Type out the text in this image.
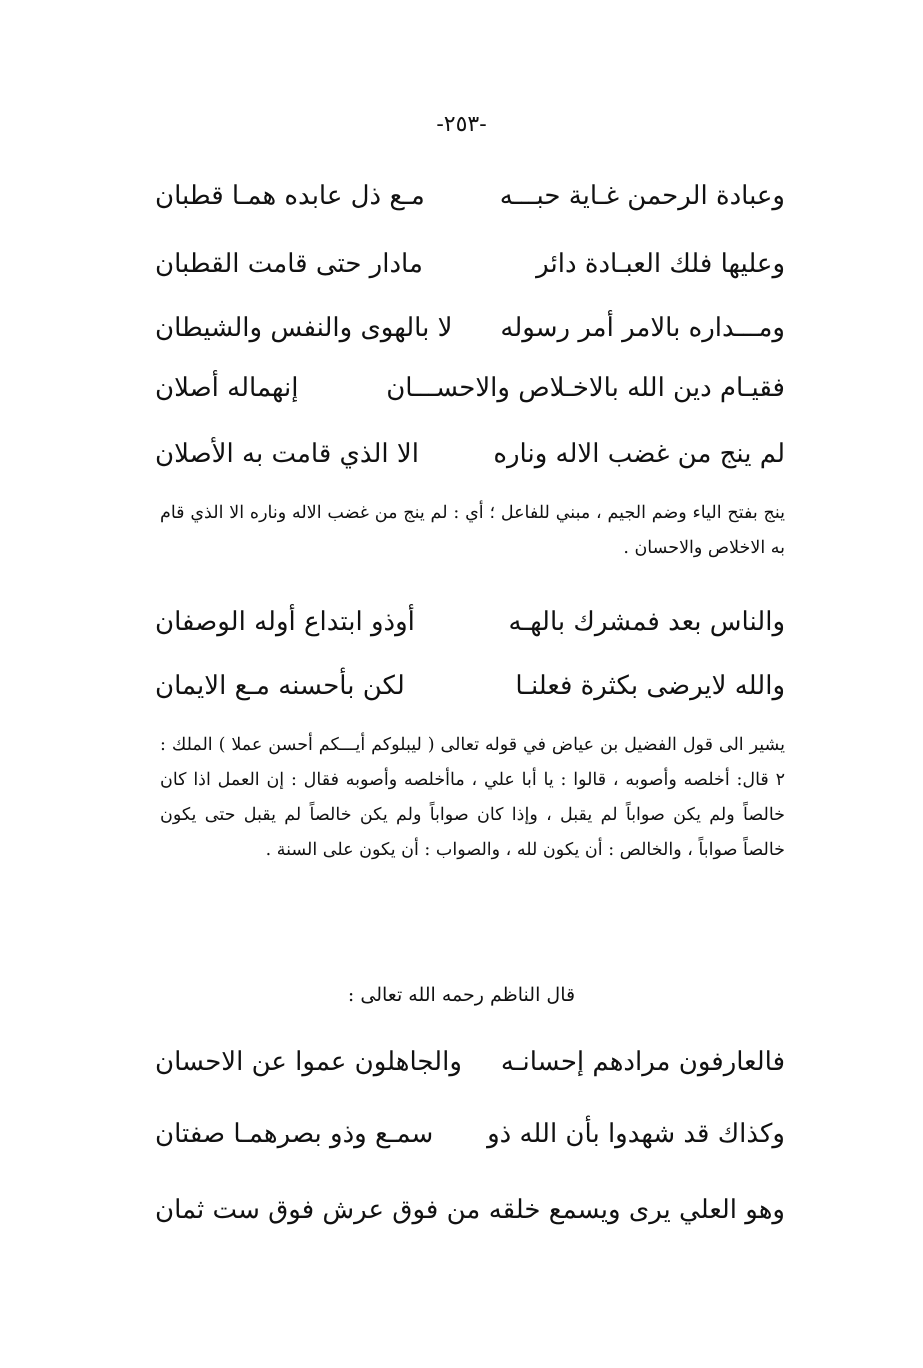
-٢٥٣-
وعبادة الرحمن غـاية حبـــه
مـع ذل عابده همـا قطبان
وعليها فلك العبـادة دائر
مادار حتى قامت القطبان
ومـــداره بالامر أمر رسوله
لا بالهوى والنفس والشيطان
فقيـام دين الله بالاخـلاص والاحســـان
إنهماله أصلان
لم ينج من غضب الاله وناره
الا الذي قامت به الأصلان
ينج بفتح الياء وضم الجيم ، مبني للفاعل ؛ أي : لم ينج من غضب الاله وناره الا الذي قام به الاخلاص والاحسان .
والناس بعد فمشرك بالهـه
أوذو ابتداع أوله الوصفان
والله لايرضى بكثرة فعلنـا
لكن بأحسنه مـع الايمان
يشير الى قول الفضيل بن عياض في قوله تعالى ( ليبلوكم أيـــكم أحسن عملا ) الملك : ٢ قال: أخلصه وأصوبه ، قالوا : يا أبا علي ، ماأخلصه وأصوبه فقال : إن العمل اذا كان خالصاً ولم يكن صواباً لم يقبل ، وإذا كان صواباً ولم يكن خالصاً لم يقبل حتى يكون خالصاً صواباً ، والخالص : أن يكون لله ، والصواب : أن يكون على السنة .
قال الناظم رحمه الله تعالى :
فالعارفون مرادهم إحسانـه
والجاهلون عموا عن الاحسان
وكذاك قد شهدوا بأن الله ذو
سمـع وذو بصرهمـا صفتان
وهو العلي يرى ويسمع خلقه
من فوق عرش فوق ست ثمان
